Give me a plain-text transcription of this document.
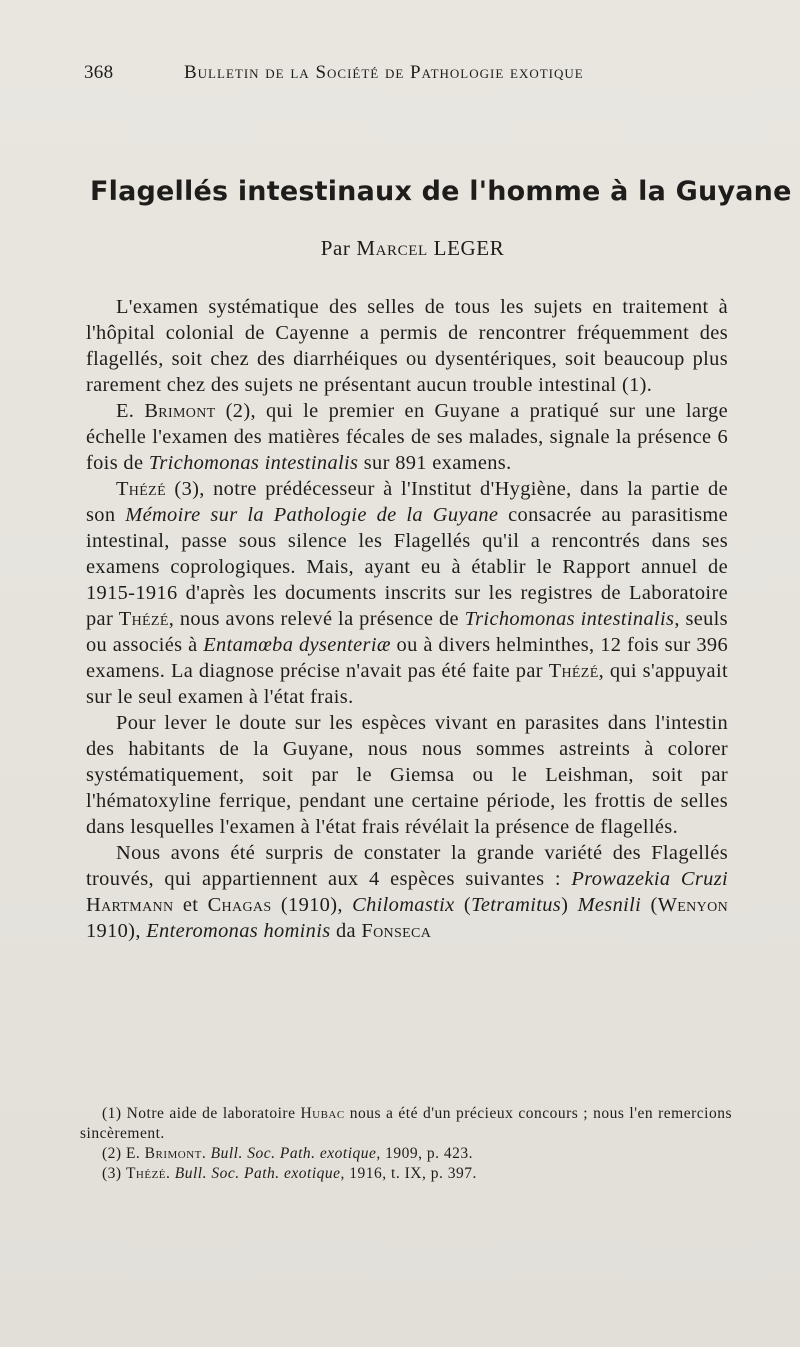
368	Bulletin de la Société de Pathologie exotique
Flagellés intestinaux de l'homme à la Guyane
Par Marcel LEGER

L'examen systématique des selles de tous les sujets en traitement à l'hôpital colonial de Cayenne a permis de rencontrer fréquemment des flagellés, soit chez des diarrhéiques ou dysentériques, soit beaucoup plus rarement chez des sujets ne présentant aucun trouble intestinal (1).

E. Brimont (2), qui le premier en Guyane a pratiqué sur une large échelle l'examen des matières fécales de ses malades, signale la présence 6 fois de Trichomonas intestinalis sur 891 examens.

Thézé (3), notre prédécesseur à l'Institut d'Hygiène, dans la partie de son Mémoire sur la Pathologie de la Guyane consacrée au parasitisme intestinal, passe sous silence les Flagellés qu'il a rencontrés dans ses examens coprologiques. Mais, ayant eu à établir le Rapport annuel de 1915-1916 d'après les documents inscrits sur les registres de Laboratoire par Thézé, nous avons relevé la présence de Trichomonas intestinalis, seuls ou associés à Entamœba dysenteriæ ou à divers helminthes, 12 fois sur 396 examens. La diagnose précise n'avait pas été faite par Thézé, qui s'appuyait sur le seul examen à l'état frais.

Pour lever le doute sur les espèces vivant en parasites dans l'intestin des habitants de la Guyane, nous nous sommes astreints à colorer systématiquement, soit par le Giemsa ou le Leishman, soit par l'hématoxyline ferrique, pendant une certaine période, les frottis de selles dans lesquelles l'examen à l'état frais révélait la présence de flagellés.

Nous avons été surpris de constater la grande variété des Flagellés trouvés, qui appartiennent aux 4 espèces suivantes : Prowazekia Cruzi Hartmann et Chagas (1910), Chilomastix (Tetramitus) Mesnili (Wenyon 1910), Enteromonas hominis da Fonseca

(1) Notre aide de laboratoire Hubac nous a été d'un précieux concours ; nous l'en remercions sincèrement.

(2) E. Brimont. Bull. Soc. Path. exotique, 1909, p. 423.

(3) Thézé. Bull. Soc. Path. exotique, 1916, t. IX, p. 397.
